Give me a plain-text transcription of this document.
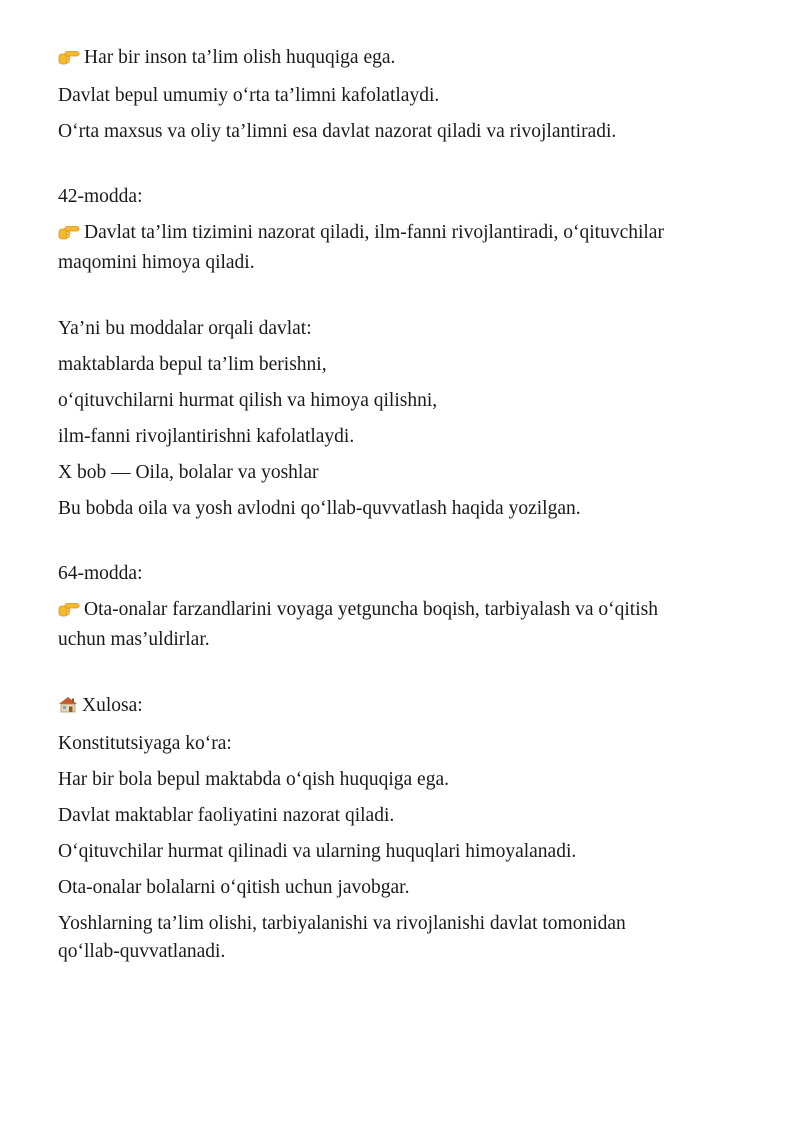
Har bir inson ta’lim olish huquqiga ega.

Davlat bepul umumiy o‘rta ta’limni kafolatlaydi.

O‘rta maxsus va oliy ta’limni esa davlat nazorat qiladi va rivojlantiradi.

42-modda:

Davlat ta’lim tizimini nazorat qiladi, ilm-fanni rivojlantiradi, o‘qituvchilar

maqomini himoya qiladi.

Ya’ni bu moddalar orqali davlat:

maktablarda bepul ta’lim berishni,

o‘qituvchilarni hurmat qilish va himoya qilishni,

ilm-fanni rivojlantirishni kafolatlaydi.

X bob — Oila, bolalar va yoshlar

Bu bobda oila va yosh avlodni qo‘llab-quvvatlash haqida yozilgan.

64-modda:

Ota-onalar farzandlarini voyaga yetguncha boqish, tarbiyalash va o‘qitish

uchun mas’uldirlar.

Xulosa:

Konstitutsiyaga ko‘ra:

Har bir bola bepul maktabda o‘qish huquqiga ega.

Davlat maktablar faoliyatini nazorat qiladi.

O‘qituvchilar hurmat qilinadi va ularning huquqlari himoyalanadi.

Ota-onalar bolalarni o‘qitish uchun javobgar.

Yoshlarning ta’lim olishi, tarbiyalanishi va rivojlanishi davlat tomonidan

qo‘llab-quvvatlanadi.
